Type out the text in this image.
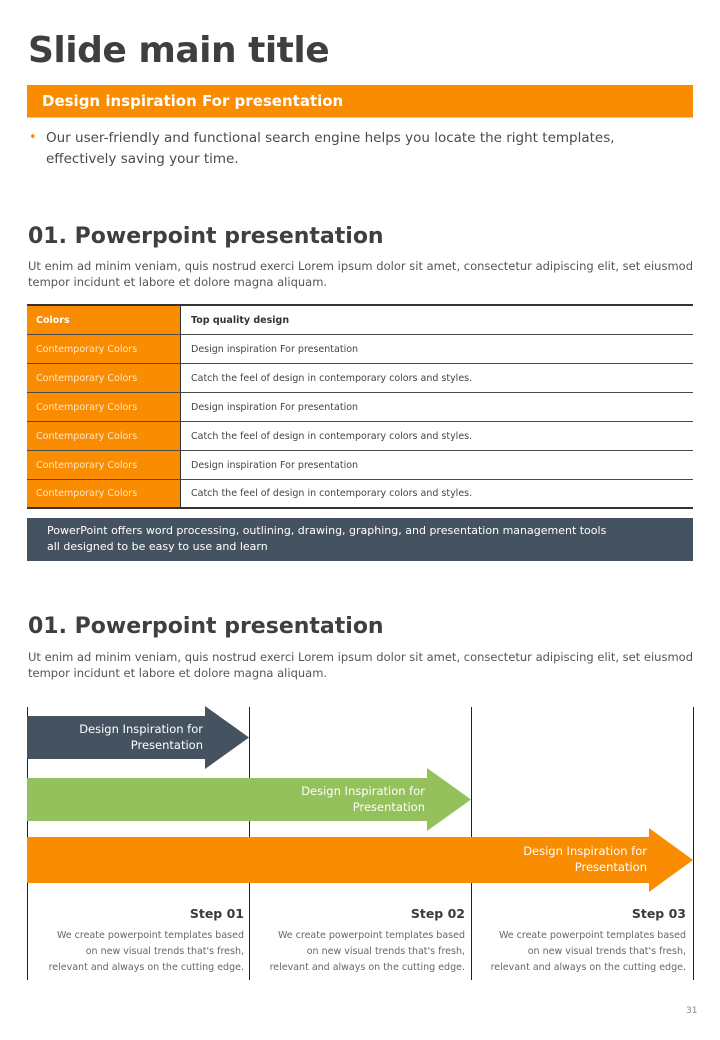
Slide main title
Design inspiration For presentation
• Our user-friendly and functional search engine helps you locate the right templates, effectively saving your time.

01. Powerpoint presentation

Ut enim ad minim veniam, quis nostrud exerci Lorem ipsum dolor sit amet, consectetur adipiscing elit, set eiusmod tempor incidunt et labore et dolore magna aliquam.

Colors	Top quality design
Contemporary Colors	Design inspiration For presentation
Contemporary Colors	Catch the feel of design in contemporary colors and styles.
Contemporary Colors	Design inspiration For presentation
Contemporary Colors	Catch the feel of design in contemporary colors and styles.
Contemporary Colors	Design inspiration For presentation
Contemporary Colors	Catch the feel of design in contemporary colors and styles.
PowerPoint offers word processing, outlining, drawing, graphing, and presentation management tools
all designed to be easy to use and learn
01. Powerpoint presentation

Ut enim ad minim veniam, quis nostrud exerci Lorem ipsum dolor sit amet, consectetur adipiscing elit, set eiusmod tempor incidunt et labore et dolore magna aliquam.

Design Inspiration for
Presentation
Design Inspiration for
Presentation
Design Inspiration for
Presentation
Step 01
We create powerpoint templates based
on new visual trends that's fresh,
relevant and always on the cutting edge.
Step 02
We create powerpoint templates based
on new visual trends that's fresh,
relevant and always on the cutting edge.
Step 03
We create powerpoint templates based
on new visual trends that's fresh,
relevant and always on the cutting edge.
31
